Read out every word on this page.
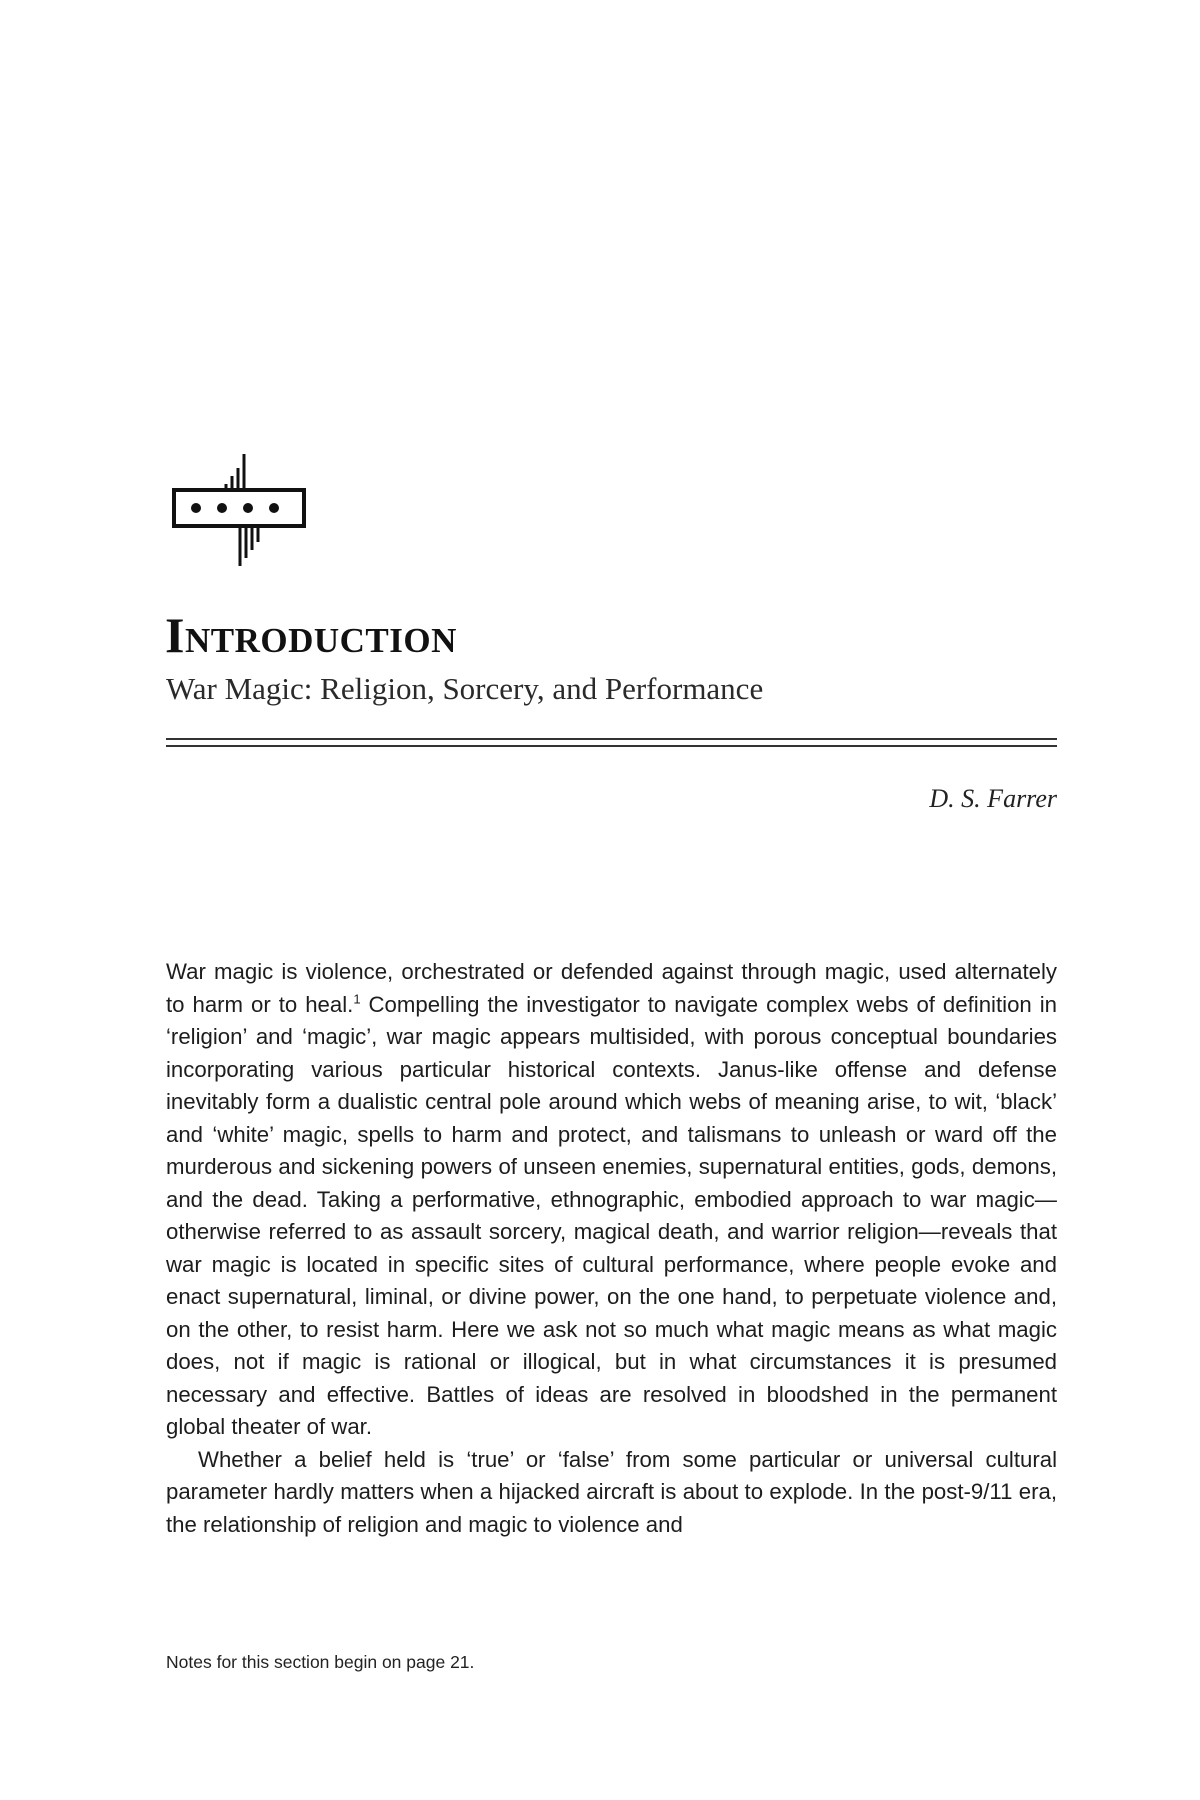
Introduction
War Magic: Religion, Sorcery, and Performance
D. S. Farrer

War magic is violence, orchestrated or defended against through magic, used alternately to harm or to heal.$^1$ Compelling the investigator to navigate complex webs of definition in ‘religion’ and ‘magic’, war magic appears multisided, with porous conceptual boundaries incorporating various particular historical contexts. Janus-like offense and defense inevitably form a dualistic central pole around which webs of meaning arise, to wit, ‘black’ and ‘white’ magic, spells to harm and protect, and talismans to unleash or ward off the murderous and sickening powers of unseen enemies, supernatural entities, gods, demons, and the dead. Taking a performative, ethnographic, embodied approach to war magic—otherwise referred to as assault sorcery, magical death, and warrior religion—reveals that war magic is located in specific sites of cultural performance, where people evoke and enact supernatural, liminal, or divine power, on the one hand, to perpetuate violence and, on the other, to resist harm. Here we ask not so much what magic means as what magic does, not if magic is rational or illogical, but in what circumstances it is presumed necessary and effective. Battles of ideas are resolved in bloodshed in the permanent global theater of war.

Whether a belief held is ‘true’ or ‘false’ from some particular or universal cultural parameter hardly matters when a hijacked aircraft is about to explode. In the post-9/11 era, the relationship of religion and magic to violence and

Notes for this section begin on page 21.
